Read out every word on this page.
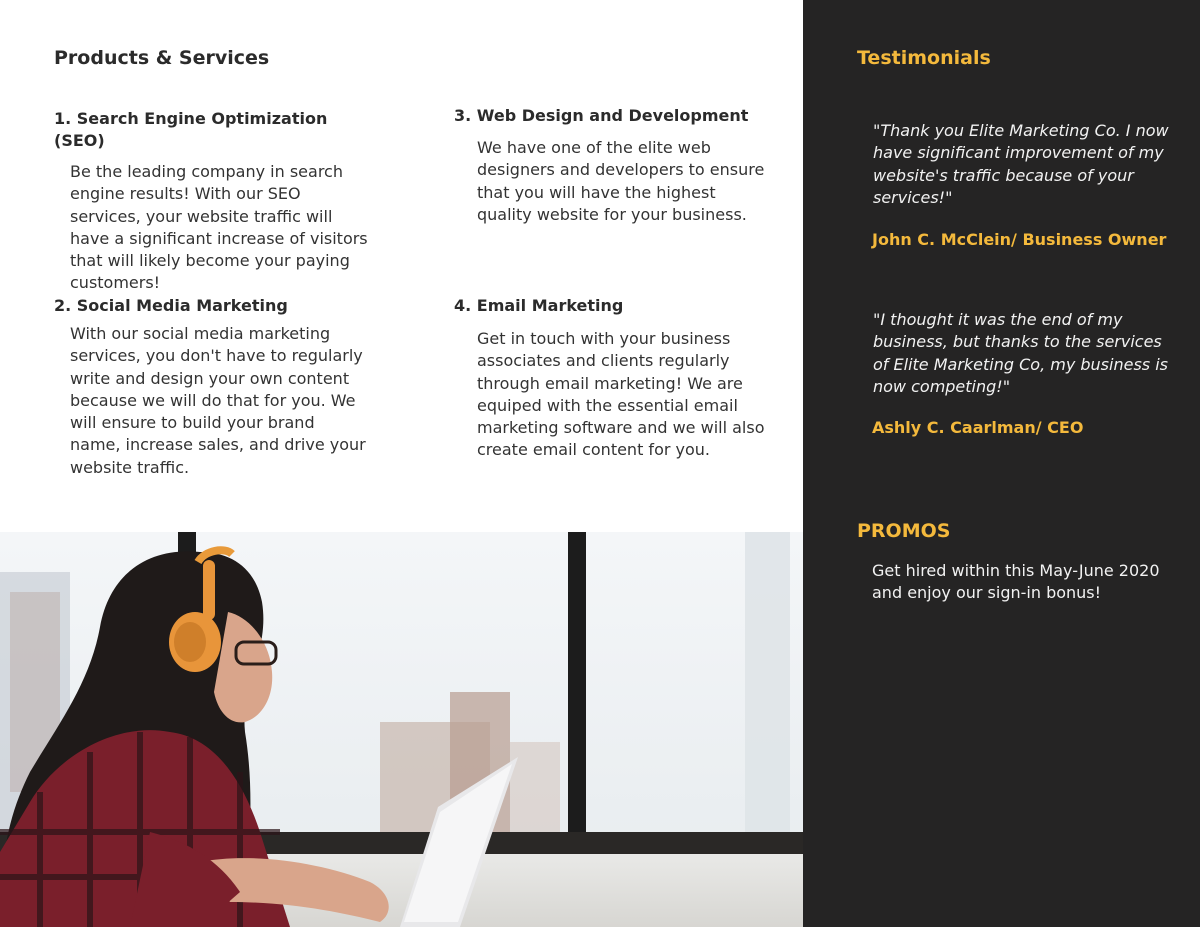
Products & Services
1. Search Engine Optimization (SEO)

Be the leading company in search engine results! With our SEO services, your website traffic will have a significant increase of visitors that will likely become your paying customers!

2. Social Media Marketing

With our social media marketing services, you don't have to regularly write and design your own content because we will do that for you. We will ensure to build your brand name, increase sales, and drive your website traffic.

3. Web Design and Development

We have one of the elite web designers and developers to ensure that you will have the highest quality website for your business.

4. Email Marketing

Get in touch with your business associates and clients regularly through email marketing! We are equiped with the essential email marketing software and we will also create email content for you.

Testimonials
"Thank you Elite Marketing Co. I now have significant improvement of my website's traffic because of your services!"
John C. McClein/ Business Owner
"I thought it was the end of my business, but thanks to the services of Elite Marketing Co, my business is now competing!"
Ashly C. Caarlman/ CEO
PROMOS
Get hired within this May-June 2020 and enjoy our sign-in bonus!
